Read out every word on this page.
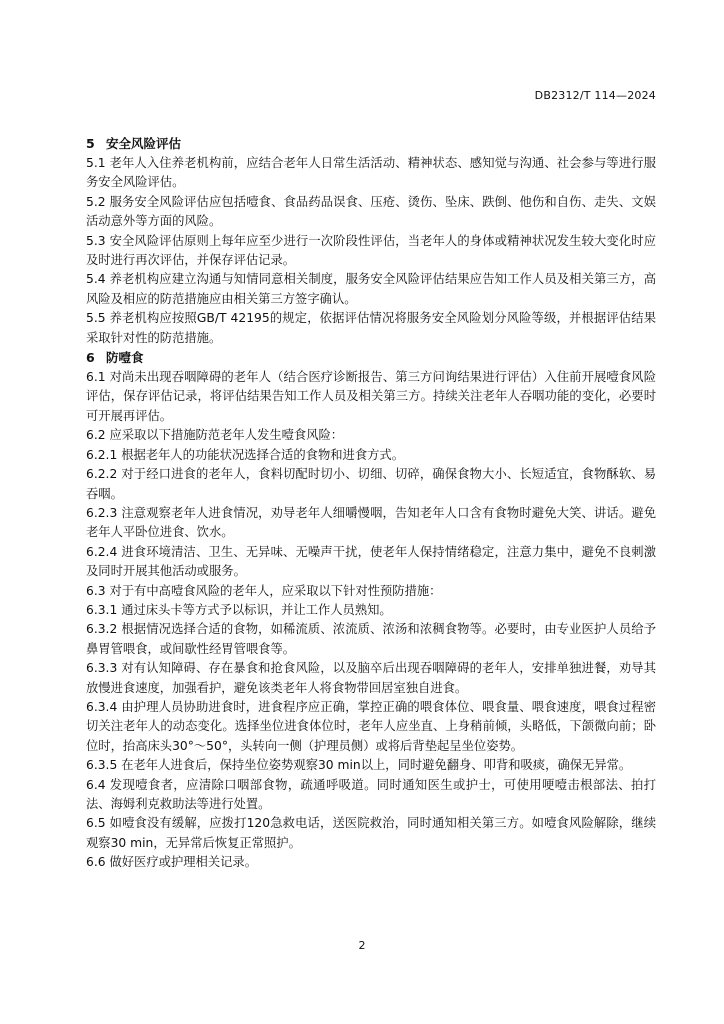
DB2312/T 114—2024
5 安全风险评估

5.1 老年人入住养老机构前，应结合老年人日常生活活动、精神状态、感知觉与沟通、社会参与等进行服务安全风险评估。

5.2 服务安全风险评估应包括噎食、食品药品误食、压疮、烫伤、坠床、跌倒、他伤和自伤、走失、文娱活动意外等方面的风险。

5.3 安全风险评估原则上每年应至少进行一次阶段性评估，当老年人的身体或精神状况发生较大变化时应及时进行再次评估，并保存评估记录。

5.4 养老机构应建立沟通与知情同意相关制度，服务安全风险评估结果应告知工作人员及相关第三方，高风险及相应的防范措施应由相关第三方签字确认。

5.5 养老机构应按照GB/T 42195的规定，依据评估情况将服务安全风险划分风险等级，并根据评估结果采取针对性的防范措施。

6 防噎食

6.1 对尚未出现吞咽障碍的老年人（结合医疗诊断报告、第三方问询结果进行评估）入住前开展噎食风险评估，保存评估记录，将评估结果告知工作人员及相关第三方。持续关注老年人吞咽功能的变化，必要时可开展再评估。

6.2 应采取以下措施防范老年人发生噎食风险：

6.2.1 根据老年人的功能状况选择合适的食物和进食方式。

6.2.2 对于经口进食的老年人，食料切配时切小、切细、切碎，确保食物大小、长短适宜，食物酥软、易吞咽。

6.2.3 注意观察老年人进食情况，劝导老年人细嚼慢咽，告知老年人口含有食物时避免大笑、讲话。避免老年人平卧位进食、饮水。

6.2.4 进食环境清洁、卫生、无异味、无噪声干扰，使老年人保持情绪稳定，注意力集中，避免不良刺激及同时开展其他活动或服务。

6.3 对于有中高噎食风险的老年人，应采取以下针对性预防措施：

6.3.1 通过床头卡等方式予以标识，并让工作人员熟知。

6.3.2 根据情况选择合适的食物，如稀流质、浓流质、浓汤和浓稠食物等。必要时，由专业医护人员给予鼻胃管喂食，或间歇性经胃管喂食等。

6.3.3 对有认知障碍、存在暴食和抢食风险，以及脑卒后出现吞咽障碍的老年人，安排单独进餐，劝导其放慢进食速度，加强看护，避免该类老年人将食物带回居室独自进食。

6.3.4 由护理人员协助进食时，进食程序应正确，掌控正确的喂食体位、喂食量、喂食速度，喂食过程密切关注老年人的动态变化。选择坐位进食体位时，老年人应坐直、上身稍前倾，头略低，下颌微向前；卧位时，抬高床头30°～50°，头转向一侧（护理员侧）或将后背垫起呈坐位姿势。

6.3.5 在老年人进食后，保持坐位姿势观察30 min以上，同时避免翻身、叩背和吸痰，确保无异常。

6.4 发现噎食者，应清除口咽部食物，疏通呼吸道。同时通知医生或护士，可使用哽噎击根部法、拍打法、海姆利克救助法等进行处置。

6.5 如噎食没有缓解，应拨打120急救电话，送医院救治，同时通知相关第三方。如噎食风险解除，继续观察30 min，无异常后恢复正常照护。

6.6 做好医疗或护理相关记录。

2
